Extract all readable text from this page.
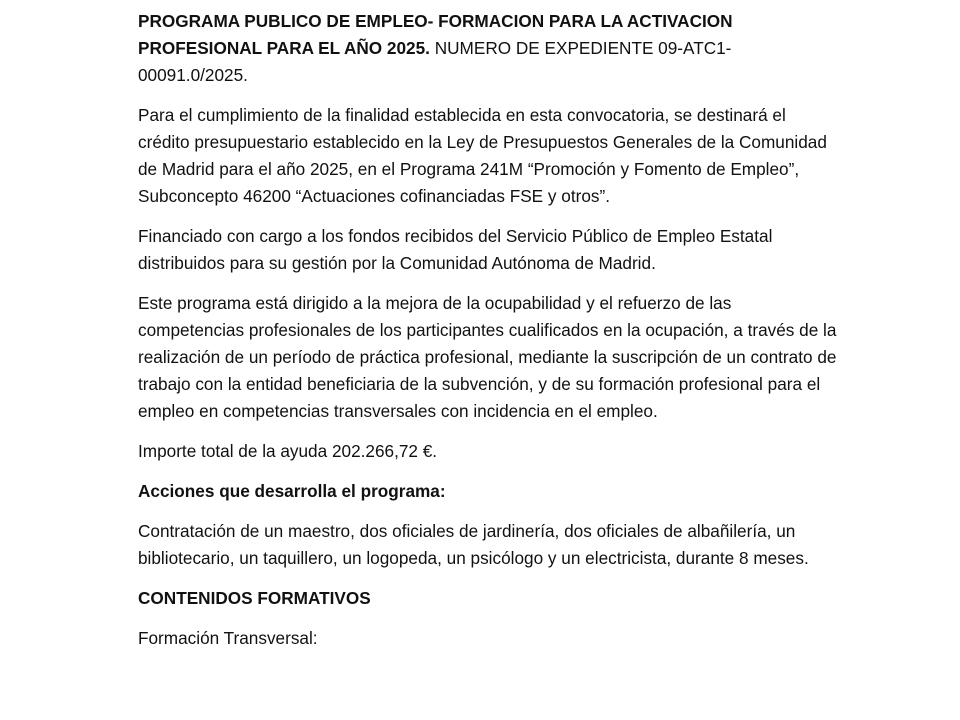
PROGRAMA PUBLICO DE EMPLEO- FORMACION PARA LA ACTIVACION PROFESIONAL PARA EL AÑO 2025. NUMERO DE EXPEDIENTE 09-ATC1-00091.0/2025.

Para el cumplimiento de la finalidad establecida en esta convocatoria, se destinará el crédito presupuestario establecido en la Ley de Presupuestos Generales de la Comunidad de Madrid para el año 2025, en el Programa 241M “Promoción y Fomento de Empleo”, Subconcepto 46200 “Actuaciones cofinanciadas FSE y otros”.

Financiado con cargo a los fondos recibidos del Servicio Público de Empleo Estatal distribuidos para su gestión por la Comunidad Autónoma de Madrid.

Este programa está dirigido a la mejora de la ocupabilidad y el refuerzo de las competencias profesionales de los participantes cualificados en la ocupación, a través de la realización de un período de práctica profesional, mediante la suscripción de un contrato de trabajo con la entidad beneficiaria de la subvención, y de su formación profesional para el empleo en competencias transversales con incidencia en el empleo.

Importe total de la ayuda 202.266,72 €.

Acciones que desarrolla el programa:

Contratación de un maestro, dos oficiales de jardinería, dos oficiales de albañilería, un bibliotecario, un taquillero, un logopeda, un psicólogo y un electricista, durante 8 meses.

CONTENIDOS FORMATIVOS

Formación Transversal:
